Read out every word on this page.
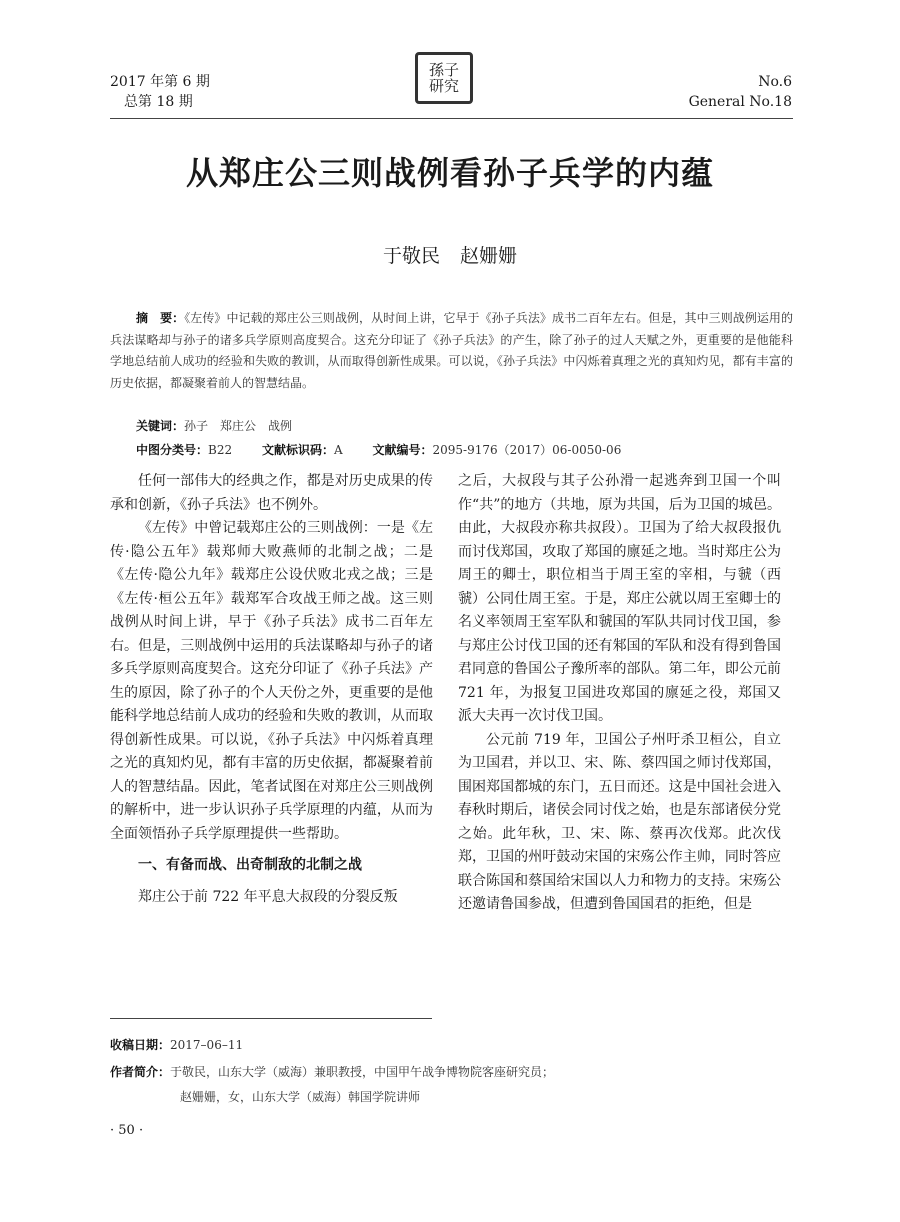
2017 年第 6 期
总第 18 期
孫子研究	No.6
General No.18
从郑庄公三则战例看孙子兵学的内蕴
于敬民 赵姗姗
摘　要：《左传》中记载的郑庄公三则战例，从时间上讲，它早于《孙子兵法》成书二百年左右。但是，其中三则战例运用的兵法谋略却与孙子的诸多兵学原则高度契合。这充分印证了《孙子兵法》的产生，除了孙子的过人天赋之外，更重要的是他能科学地总结前人成功的经验和失败的教训，从而取得创新性成果。可以说，《孙子兵法》中闪烁着真理之光的真知灼见，都有丰富的历史依据，都凝聚着前人的智慧结晶。
关键词：孙子　郑庄公　战例
中图分类号：B22 文献标识码：A 文献编号：2095-9176（2017）06-0050-06

任何一部伟大的经典之作，都是对历史成果的传承和创新，《孙子兵法》也不例外。

《左传》中曾记载郑庄公的三则战例：一是《左传·隐公五年》载郑师大败燕师的北制之战；二是《左传·隐公九年》载郑庄公设伏败北戎之战；三是《左传·桓公五年》载郑军合攻战王师之战。这三则战例从时间上讲，早于《孙子兵法》成书二百年左右。但是，三则战例中运用的兵法谋略却与孙子的诸多兵学原则高度契合。这充分印证了《孙子兵法》产生的原因，除了孙子的个人天份之外，更重要的是他能科学地总结前人成功的经验和失败的教训，从而取得创新性成果。可以说，《孙子兵法》中闪烁着真理之光的真知灼见，都有丰富的历史依据，都凝聚着前人的智慧结晶。因此，笔者试图在对郑庄公三则战例的解析中，进一步认识孙子兵学原理的内蕴，从而为全面领悟孙子兵学原理提供一些帮助。

一、有备而战、出奇制敌的北制之战

郑庄公于前 722 年平息大叔段的分裂反叛

之后，大叔段与其子公孙滑一起逃奔到卫国一个叫作“共”的地方（共地，原为共国，后为卫国的城邑。由此，大叔段亦称共叔段）。卫国为了给大叔段报仇而讨伐郑国，攻取了郑国的廪延之地。当时郑庄公为周王的卿士，职位相当于周王室的宰相，与虢（西虢）公同仕周王室。于是，郑庄公就以周王室卿士的名义率领周王室军队和虢国的军队共同讨伐卫国，参与郑庄公讨伐卫国的还有邾国的军队和没有得到鲁国君同意的鲁国公子豫所率的部队。第二年，即公元前 721 年，为报复卫国进攻郑国的廪延之役，郑国又派大夫再一次讨伐卫国。

公元前 719 年，卫国公子州吁杀卫桓公，自立为卫国君，并以卫、宋、陈、蔡四国之师讨伐郑国，围困郑国都城的东门，五日而还。这是中国社会进入春秋时期后，诸侯会同讨伐之始，也是东部诸侯分党之始。此年秋，卫、宋、陈、蔡再次伐郑。此次伐郑，卫国的州吁鼓动宋国的宋殇公作主帅，同时答应联合陈国和蔡国给宋国以人力和物力的支持。宋殇公还邀请鲁国参战，但遭到鲁国国君的拒绝，但是

收稿日期：2017–06–11
作者简介：于敬民，山东大学（威海）兼职教授，中国甲午战争博物院客座研究员；
赵姗姗，女，山东大学（威海）韩国学院讲师
· 50 ·
